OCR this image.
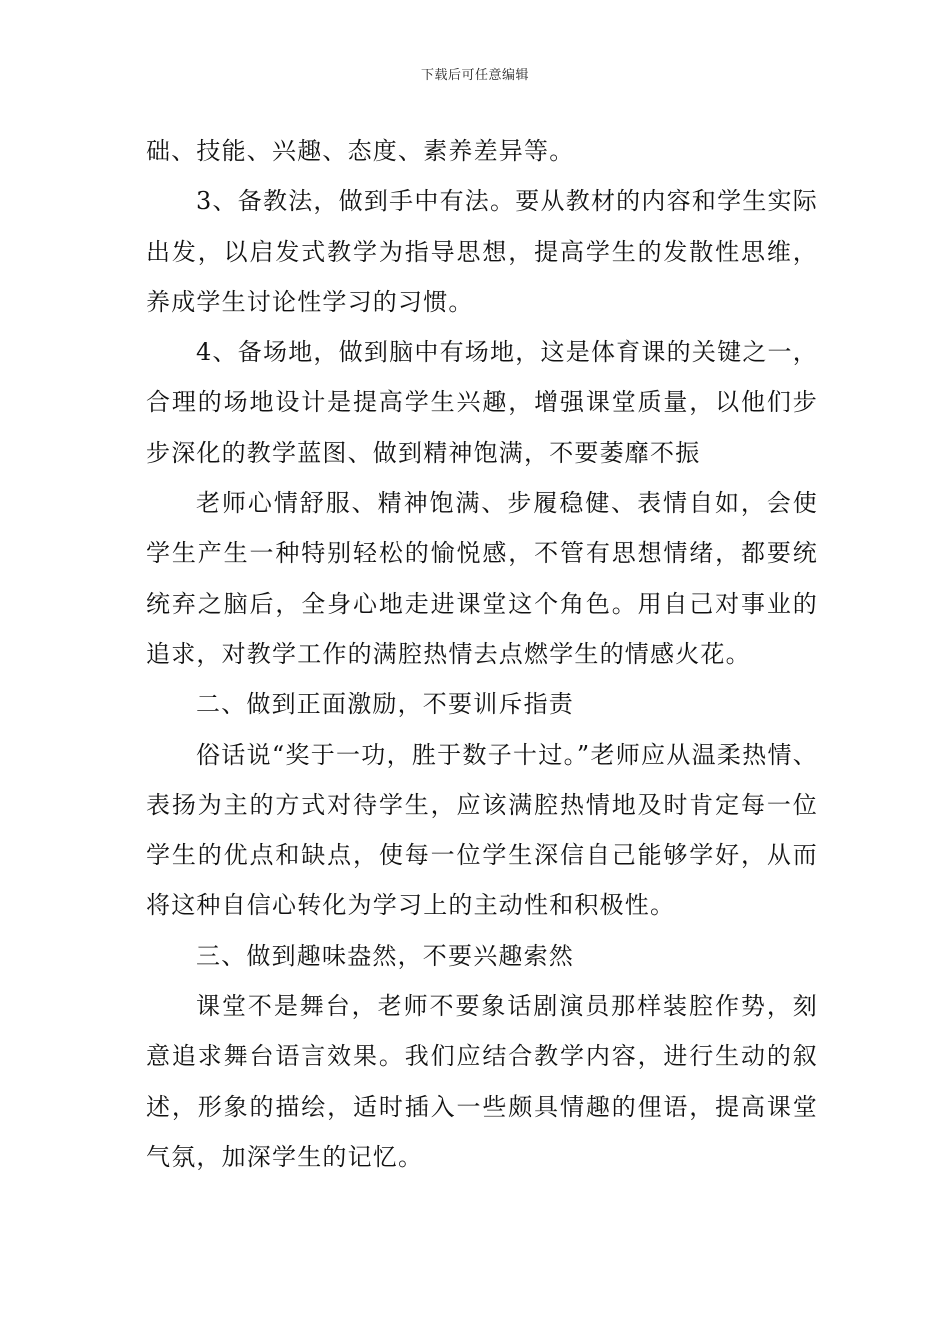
下载后可任意编辑

础、技能、兴趣、态度、素养差异等。

3、备教法，做到手中有法。要从教材的内容和学生实际出发，以启发式教学为指导思想，提高学生的发散性思维，养成学生讨论性学习的习惯。

4、备场地，做到脑中有场地，这是体育课的关键之一，合理的场地设计是提高学生兴趣，增强课堂质量，以他们步步深化的教学蓝图、做到精神饱满，不要萎靡不振

老师心情舒服、精神饱满、步履稳健、表情自如，会使学生产生一种特别轻松的愉悦感，不管有思想情绪，都要统统弃之脑后，全身心地走进课堂这个角色。用自己对事业的追求，对教学工作的满腔热情去点燃学生的情感火花。

二、做到正面激励，不要训斥指责

俗话说“奖于一功，胜于数子十过。”老师应从温柔热情、表扬为主的方式对待学生，应该满腔热情地及时肯定每一位学生的优点和缺点，使每一位学生深信自己能够学好，从而将这种自信心转化为学习上的主动性和积极性。

三、做到趣味盎然，不要兴趣索然

课堂不是舞台，老师不要象话剧演员那样装腔作势，刻意追求舞台语言效果。我们应结合教学内容，进行生动的叙述，形象的描绘，适时插入一些颇具情趣的俚语，提高课堂气氛，加深学生的记忆。
